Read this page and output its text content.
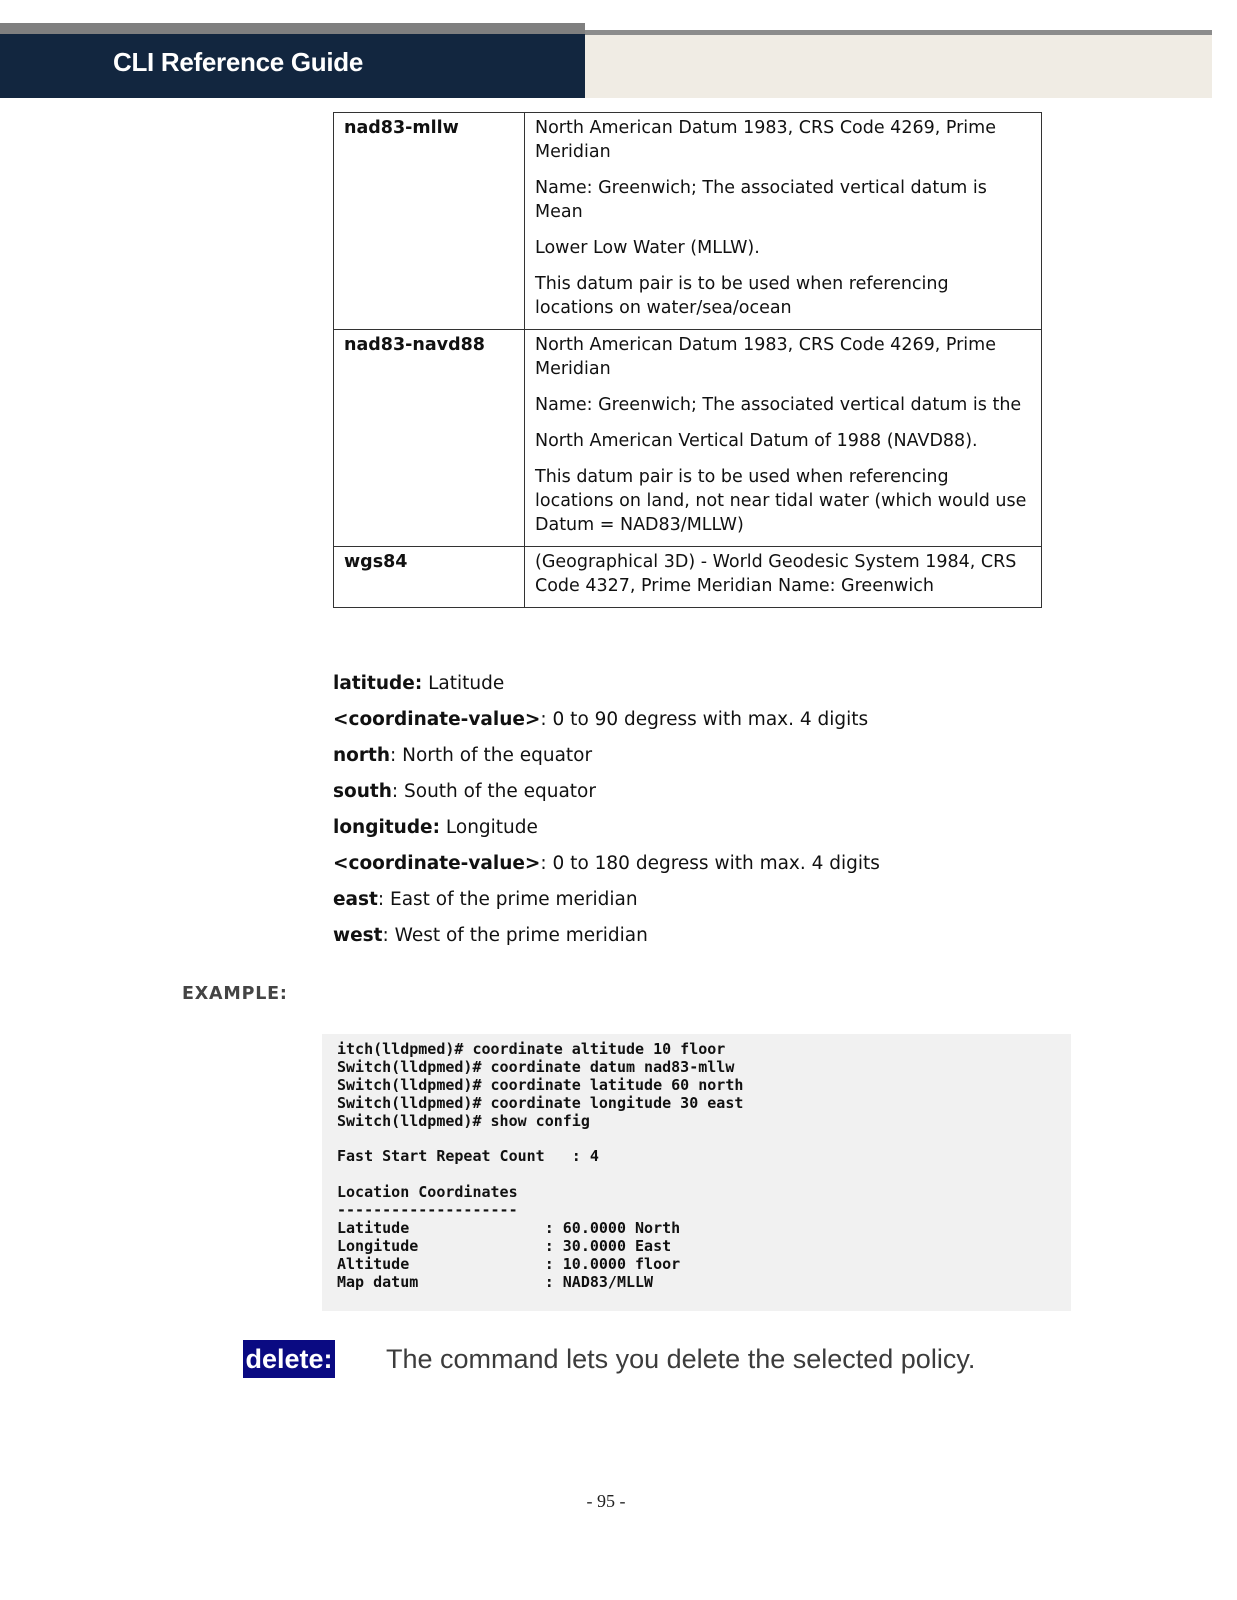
CLI Reference Guide
nad83-mllw	North American Datum 1983, CRS Code 4269, Prime Meridian

Name: Greenwich; The associated vertical datum is Mean

Lower Low Water (MLLW).

This datum pair is to be used when referencing locations on water/sea/ocean

nad83-navd88	North American Datum 1983, CRS Code 4269, Prime Meridian

Name: Greenwich; The associated vertical datum is the

North American Vertical Datum of 1988 (NAVD88).

This datum pair is to be used when referencing locations on land, not near tidal water (which would use Datum = NAD83/MLLW)

wgs84	(Geographical 3D) - World Geodesic System 1984, CRS Code 4327, Prime Meridian Name: Greenwich

latitude: Latitude
<coordinate-value>: 0 to 90 degress with max. 4 digits
north: North of the equator
south: South of the equator
longitude: Longitude
<coordinate-value>: 0 to 180 degress with max. 4 digits
east: East of the prime meridian
west: West of the prime meridian
EXAMPLE:
itch(lldpmed)# coordinate altitude 10 floor
Switch(lldpmed)# coordinate datum nad83-mllw
Switch(lldpmed)# coordinate latitude 60 north
Switch(lldpmed)# coordinate longitude 30 east
Switch(lldpmed)# show config

Fast Start Repeat Count   : 4

Location Coordinates
--------------------
Latitude               : 60.0000 North
Longitude              : 30.0000 East
Altitude               : 10.0000 floor
Map datum              : NAD83/MLLW
delete: The command lets you delete the selected policy.
- 95 -
